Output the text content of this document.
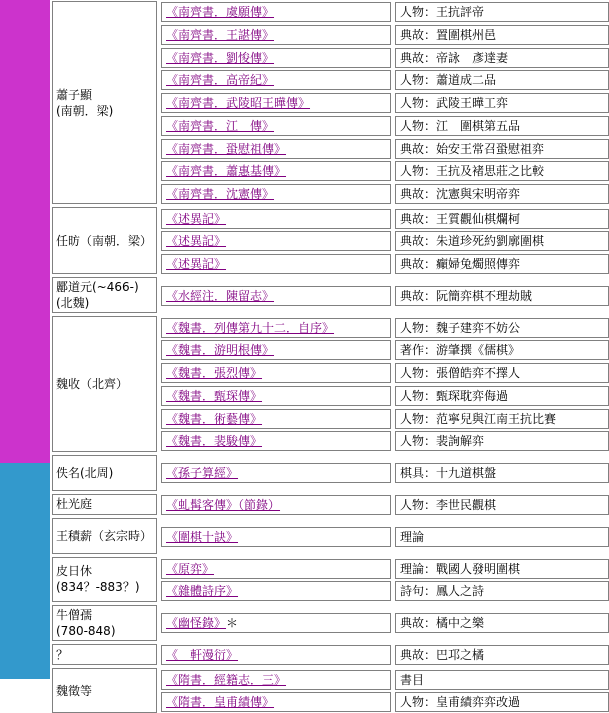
蕭子顯
(南朝．梁)
《南齊書．虞願傳》	人物：王抗評帝
《南齊書．王諶傳》	典故：置圍棋州邑
《南齊書．劉悛傳》	典故：帝詠　彥達妻
《南齊書．高帝紀》	人物：蕭道成二品
《南齊書．武陵昭王曄傳》	人物：武陵王曄工弈
《南齊書．江　傳》	人物：江　圍棋第五品
《南齊書．蛩慰祖傳》	典故：始安王常召蛩慰祖弈
《南齊書．蕭惠基傳》	人物：王抗及褚思莊之比較
《南齊書．沈憲傳》	典故：沈憲與宋明帝弈
任昉（南朝．梁）
《述異記》	典故：王質觀仙棋爛柯
《述異記》	典故：朱道珍死約劉廓圍棋
《述異記》	典故：癲婦兔燭照傳弈
酈道元(~466-)
(北魏)
《水經注．陳留志》	典故：阮簡弈棋不理劫賊
魏收（北齊）
《魏書．列傳第九十二．自序》	人物：魏子建弈不妨公
《魏書．游明根傳》	著作：游肇撰《儒棋》
《魏書．張烈傳》	人物：張僧皓弈不擇人
《魏書．甄琛傳》	人物：甄琛耽弈侮過
《魏書．術藝傳》	人物：范寧兒與江南王抗比賽
《魏書．裴駿傳》	人物：裴詢解弈
佚名(北周)	《孫子算經》	棋具：十九道棋盤
杜光庭	《虬髯客傳》（節錄）	人物：李世民觀棋
王積薪（玄宗時）	《圍棋十訣》	理論
皮日休
(834？-883？)
《原弈》	理論：戰國人發明圍棋
《雜體詩序》	詩句：鳳人之詩
牛僧孺
(780-848)
《幽怪錄》＊	典故：橘中之樂
？	《　軒漫衍》	典故：巴邛之橘
魏徵等
《隋書．經籍志．三》	書目
《隋書．皇甫績傳》	人物：皇甫績弈弈改過
